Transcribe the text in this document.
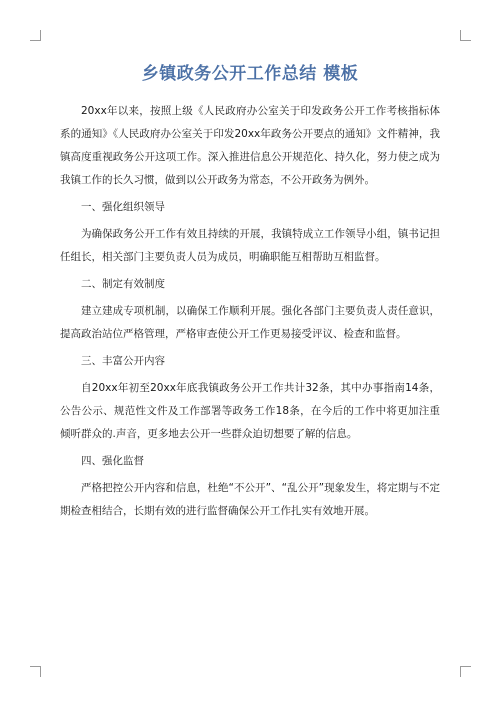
乡镇政务公开工作总结 模板

20xx年以来，按照上级《人民政府办公室关于印发政务公开工作考核指标体系的通知》《人民政府办公室关于印发20xx年政务公开要点的通知》文件精神，我镇高度重视政务公开这项工作。深入推进信息公开规范化、持久化，努力使之成为我镇工作的长久习惯，做到以公开政务为常态，不公开政务为例外。

一、强化组织领导

为确保政务公开工作有效且持续的开展，我镇特成立工作领导小组，镇书记担任组长，相关部门主要负责人员为成员，明确职能互相帮助互相监督。

二、制定有效制度

建立建成专项机制，以确保工作顺利开展。强化各部门主要负责人责任意识，提高政治站位严格管理，严格审查使公开工作更易接受评议、检查和监督。

三、丰富公开内容

自20xx年初至20xx年底我镇政务公开工作共计32条，其中办事指南14条，公告公示、规范性文件及工作部署等政务工作18条，在今后的工作中将更加注重倾听群众的.声音，更多地去公开一些群众迫切想要了解的信息。

四、强化监督

严格把控公开内容和信息，杜绝“不公开”、“乱公开”现象发生，将定期与不定期检查相结合，长期有效的进行监督确保公开工作扎实有效地开展。
